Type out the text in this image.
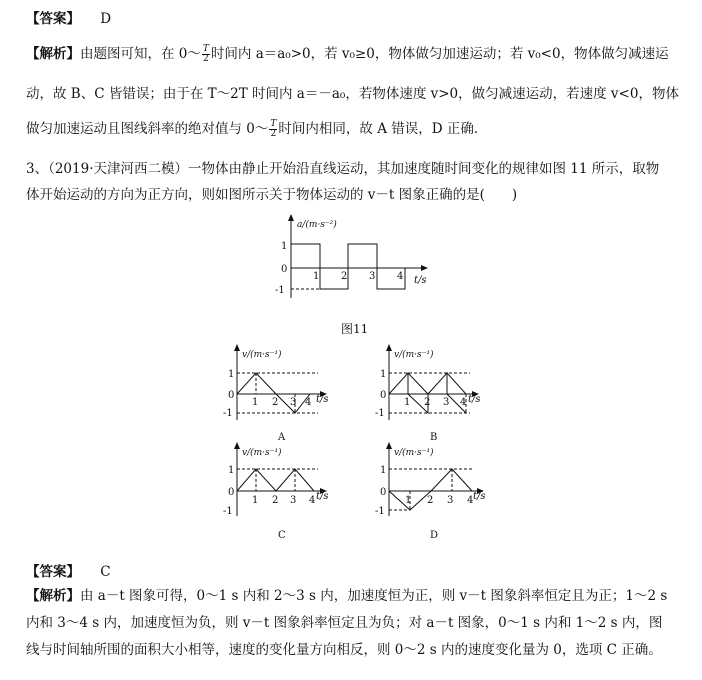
【答案】 D
【解析】由题图可知，在 0～ $\frac{T}{2}$ 时间内 a＝a₀>0，若 v₀≥0，物体做匀加速运动；若 v₀<0，物体做匀减速运
动，故 B、C 皆错误；由于在 T～2T 时间内 a＝－a₀，若物体速度 v>0，做匀减速运动，若速度 v<0，物体
做匀加速运动且图线斜率的绝对值与 0～ $\frac{T}{2}$ 时间内相同，故 A 错误，D 正确．
3、（2019·天津河西二模）一物体由静止开始沿直线运动，其加速度随时间变化的规律如图 11 所示，取物
体开始运动的方向为正方向，则如图所示关于物体运动的 v－t 图象正确的是(　　)
a/(m·s⁻²)
t/s
1
0
-1
1 2 3 4
图11
v/(m·s⁻¹)
t/s
1
0
-1
1 2 3 4
A
v/(m·s⁻¹)
t/s
1
0
-1
1 2 3 4
B
v/(m·s⁻¹)
t/s
1
0
-1
1 2 3 4
C
v/(m·s⁻¹)
t/s
1
0
-1
1 2 3 4
D
【答案】 C
【解析】由 a－t 图象可得，0～1 s 内和 2～3 s 内，加速度恒为正，则 v－t 图象斜率恒定且为正；1～2 s
内和 3～4 s 内，加速度恒为负，则 v－t 图象斜率恒定且为负；对 a－t 图象，0～1 s 内和 1～2 s 内，图
线与时间轴所围的面积大小相等，速度的变化量方向相反，则 0～2 s 内的速度变化量为 0，选项 C 正确。
